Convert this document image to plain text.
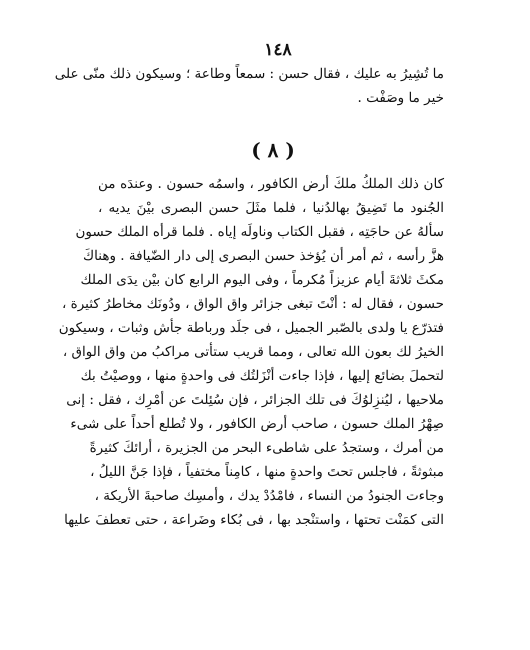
١٤٨
ما تُشِيرُ به عليك ، فقال حسن : سمعاً وطاعة ؛ وسيكون ذلك منّى على
خير ما وصَفْت .
( ٨ )
كان ذلك الملكُ ملكَ أرض الكافور ، واسمُه حسون . وعندَه من
الجُنود ما تَضِيقُ بهالدُنيا ، فلما مثَلَ حسن البصرى بيْنَ يديه ،
سألهُ عن حاجَتِه ، فقبل الكتاب وناولَه إياه . فلما قرأه الملك حسون
هزَّ رأسه ، ثم أمر أن يُؤخذ حسن البصرى إلى دار الضّيافة . وهناكَ
مكثَ ثلاثةَ أيام عزيزاً مُكرماً ، وفى اليوم الرابع كان بيْن يدَى الملك
حسون ، فقال له : أنْتَ تبغى جزائر واق الواق ، ودُونَك مخاطرُ كثيرة ،
فتذرّع يا ولدى بالصّبر الجميل ، فى جلَد ورباطة جأش وثبات ، وسيكون
الخيرُ لك بعون الله تعالى ، ومما قريب ستأتى مراكبُ من واق الواق ،
لتحملَ بضائع إليها ، فإذا جاءت أنْزَلتُك فى واحدةٍ منها ، ووصيْتُ بك
ملاحيها ، ليُنزِلوُكَ فى تلك الجزائر ، فإن سُئِلتَ عن أمْرِك ، فقل : إنى
صِهْرُ الملك حسون ، صاحب أرض الكافور ، ولا تُطلع أحداً على شىء
من أمرك ، وستجدُ على شاطىء البحر من الجزيرة ، أرائكَ كثيرةً
مبثوثةً ، فاجلس تحتَ واحدةٍ منها ، كامِناً مختفياً ، فإذا جَنَّ الليلُ ،
وجاءت الجنودُ من النساء ، فامْدُدْ يدك ، وأمسِك صاحبةَ الأريكة ،
التى كمَنْت تحتها ، واستنْجد بها ، فى بُكاء وضَراعة ، حتى تعطفَ عليها
